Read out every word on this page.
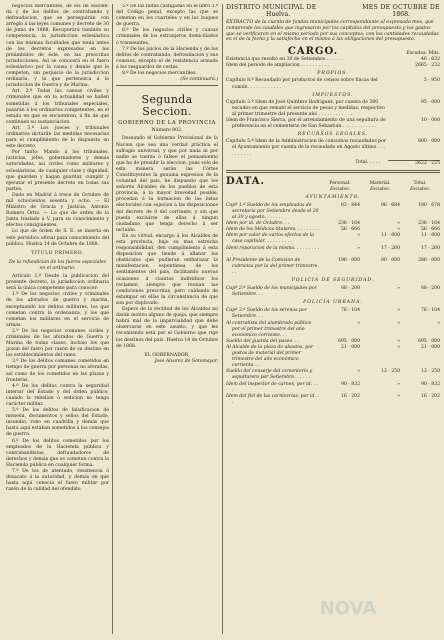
negocios mercantiles, de los de Hacien-da y de los delitos de contrabando y defraudacion, que se perseguirán con arreglo á las leyes comunes y decreto de 30 de Junio de 1868. Recuperárá también su competencia, la jurisdiccion eclesiástica con las mismas facultades que tenía antes de los decretos expresados en los preámbulos de éste, en las prescritas jurisdicciones. Así se conocerá en el fuero eclesiástico por la causa y demás que le competen, sin perjuicio de la jurisdiccion ordinaria, y la que pertenezca á la jurisdiccion de Guerra y de Marina.

Art. 2.º Todas las causas civiles y criminales que en la actualidad se hallen sometidas á los tribunales especiales, pasarán á los ordinarios competentes, en el estado en que se encuentren, á fin de que continúen su sustanciacion.

Art. 3.º Los jueces y tribunales ordinarios dictarán las medidas necesarias para el cumplimiento de lo dispuesto en este decreto.

Por tanto: Mando á los tribunales, justicias, jefes, gobernadores y demás autoridades, así civiles como militares y eclesiásticas, de cualquier clase y dignidad, que guarden y hagan guardar, cumplir y ejecutar el presente decreto en todas sus partes.

Dado en Madrid á trece de Octubre de mil ochocientos sesenta y ocho. — El Ministro de Gracia y Justicia, Antonio Romero Ortiz. — Lo que de orden de la Junta traslado á V. para su conocimiento y efectos consiguientes.

Lo que de órden de S. E. se inserta en este periódico oficial para conocimiento del público. Huelva 14 de Octubre de 1868.

TITULO PRIMERO.
De la refundicion de los fueros especiales en el ordinario.

Artículo 1.º Desde la publicacion del presente decreto, la jurisdiccion ordinaria será la única competente para conocer:

1.º De los negocios civiles y criminales de los aforados de guerra y marina, exceptuando los delitos militares, los que cometan contra la ordenanza, y los que cometan los militares en el servicio de armas.

2.º De los negocios comunes civiles y criminales de los aforados de Guerra y Marina de todas clases, incluso los que gozan del fuero por razón de su destino en los establecimientos del ramo.

3.º De los delitos comunes cometidos en tiempo de guerra por personas no aforadas, así como de los cometidos en las plazas y fronteras.

4.º De los delitos contra la seguridad interior del Estado y del órden público, cuando la rebelion ó sedicion no tenga carácter militar.

5.º De los delitos de falsificacion de moneda, documentos y sellos del Estado, incendio, robo en cuadrilla y demás que hasta aquí estaban sometidos á los consejos de guerra.

6.º De los delitos cometidos por los empleados de la Hacienda pública y contrabandistas, defraudadores de derechos y demás que se cometan contra la Hacienda pública en cualquier forma.

7.º De los de atentado, resistencia ó desacato á la autoridad, y demás en que hasta aquí conocía el fuero militar por razón de la calidad del ofendido.

5.º De las faltas castigadas en el libro 3.º del Código penal, excepto las que se cometan en los cuarteles y en los buques de guerra.

6.º De los negocios civiles y causas criminales de los extranjeros domiciliados ó transeuntes.

7.º De los juicios de la Hacienda y de los delitos de contrabando, defraudacion y sus conexos, excepto el de resistencia armada á los resguardos de costas.

8.º De los negocios mercantiles.

(Se continuará.)
Segunda Seccion.
GOBIERNO DE LA PROVINCIA
Número 802.

Deseando el Gobierno Provisional de la Nacion que sea una verdad práctica el sufragio universal, y que por nada ni por nadie se tuerza ó falsee el pensamiento que ha de presidir la eleccion, pues solo de esta manera serán las Córtes Constituyentes la genuina expresion de la voluntad del país, he dispuesto que los señores Alcaldes de los pueblos de esta provincia, á la mayor brevedad posible, procedan á la formacion de las listas electorales con sujecion á las disposiciones del decreto de 9 del corriente, y sin que pueda excluirse de ellas á ningun ciudadano que tenga derecho á ser incluido.

En su virtud, encargo á los Alcaldes de esta provincia, bajo su mas estrecha responsabilidad, den cumplimiento á esta disposicion que tiende á allanar los obstáculos que pudieran embarazar la manifestacion espontánea de los sentimientos del país, facilitando nuevas ocasiones á cuantos individuos los reclamen, siempre que reunan las condiciones prescritas, pero cuidando de estampar en ellas la circunstancia de que son por duplicado.

Espero de la rectitud de los Alcaldes no darán motivo alguno de queja, que siempre habrá mal de la imparcialidad que debe observarse en este asunto, y que les recomiendo está por el Gobierno que rige los destinos del país. Huelva 14 de Octubre de 1868.

EL GOBERNADOR,
José Alvarez de Sotomayor.
DISTRITO MUNICIPAL DE	MES DE OCTUBRE DE
Huelva.	1868.
EXTRACTO de la cuenta de fondos municipales correspondiente al expresado mes, que comprende los caudales que ingresaron por los capítulos del presupuesto y los gastos que se verificaron en el mismo periodo por sus conceptos; con las cantidades recaudadas en el de la fecha y la satisfecha en el mismo á las obligaciones del presupuesto.
CARGO.	Escudos. Mils.
Existencia que resultó en 30 de Setiembre . . . . . .	46 · 632
Idem del periodo de ampliacion . . . . . . . . . .	2665 · 232
PROPIOS.
Capítulo 8.º Recaudado por productos de censos sobre fincas del común. . . . . . . . . . . .
5 · 950
IMPUESTOS.
Capítulo 3.º Idem de José Quintero Rodríguez, por cuenta de 380 escudos en que remató el servicio de pesas y medidas, respectivo al primer trimestre del presente año . . . . . . . . . . . .
95 · 000
Idem de Francisco Sierra, por el arrendamiento de una sepultura de preferencia en el cementerio de San Sebastian . . . . . . . . . . . .
10 · 000
RECURSOS LEGALES.
Capítulo 5.º Idem de la Administracion de consumos recaudados por el Ayuntamiento por cuenta de lo recaudado en Agosto último . . . . . . . . . .
800 · 000
Total. . . . .	3622 · 225
DATA.	Personal.	Material.	Total.
Escudos.	Escudos.	Escudos.
AYUNTAMIENTO.
Capº 1.º Sueldo de los empleados de secretaría por Setiembre desde el 20 al 30 y agosto. . . . . . .
83 · 844	96 · 684	180 · 678
Idem por id. de Octubre. . .	236 · 164	»	236 · 164
Idem de los Médicos titulares. . . . . . . . .	56 · 666	»	56 · 666
Idem por valor de varios efectos de la casa capitular. . . . . . . . . .
»	11 · 800	11 · 800
Idem reparacion de la misma. . . . . . . . . .
»	17 · 260	17 · 260
Al Presidente de la Comision de cobranza por la del primer trimestre. . .
196 · 000	90 · 000	286 · 000
POLICIA DE SEGURIDAD.
Capº 2.º Sueldo de los municipales por Setiembre. . .
88 · 200	»	88 · 200
POLICIA URBANA.
Capº 3.º Sueldo de los serenos por Setiembre. . .
76 · 104	»	76 · 104
Al contratista del alumbrado público por el primer trimestre del año económico corriente. . .
»	»	»
Sueldo del guarda del paseo. . .	695 · 000	»	695 · 000
Al Alcalde de la plaza de abastos, por gastos de material del primer trimestre del año económico corriente. . .
21 · 000	»	21 · 000
Sueldo del conserje del cementerio y sepulturero por Setiembre. . . . . .
»	13 · 250	13 · 250
Idem del inspector de carnes, por id. . . .
90 · 832	»	90 · 832
Idem del fiel de las carnicerías, por id. . .
16 · 202	»	16 · 202
NOVA
